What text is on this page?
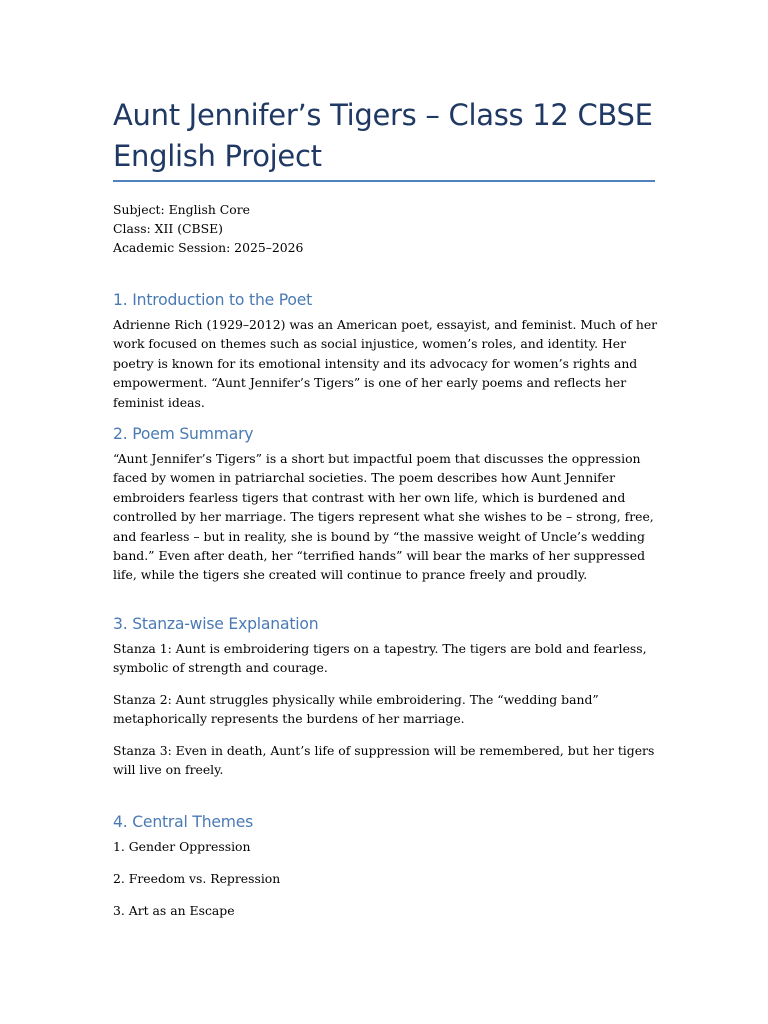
Aunt Jennifer’s Tigers – Class 12 CBSE English Project

Subject: English Core

Class: XII (CBSE)

Academic Session: 2025–2026

1. Introduction to the Poet

Adrienne Rich (1929–2012) was an American poet, essayist, and feminist. Much of her work focused on themes such as social injustice, women’s roles, and identity. Her poetry is known for its emotional intensity and its advocacy for women’s rights and empowerment. “Aunt Jennifer’s Tigers” is one of her early poems and reflects her feminist ideas.

2. Poem Summary

“Aunt Jennifer’s Tigers” is a short but impactful poem that discusses the oppression faced by women in patriarchal societies. The poem describes how Aunt Jennifer embroiders fearless tigers that contrast with her own life, which is burdened and controlled by her marriage. The tigers represent what she wishes to be – strong, free, and fearless – but in reality, she is bound by “the massive weight of Uncle’s wedding band.” Even after death, her “terrified hands” will bear the marks of her suppressed life, while the tigers she created will continue to prance freely and proudly.

3. Stanza-wise Explanation

Stanza 1: Aunt is embroidering tigers on a tapestry. The tigers are bold and fearless, symbolic of strength and courage.

Stanza 2: Aunt struggles physically while embroidering. The “wedding band” metaphorically represents the burdens of her marriage.

Stanza 3: Even in death, Aunt’s life of suppression will be remembered, but her tigers will live on freely.

4. Central Themes

1. Gender Oppression

2. Freedom vs. Repression

3. Art as an Escape
